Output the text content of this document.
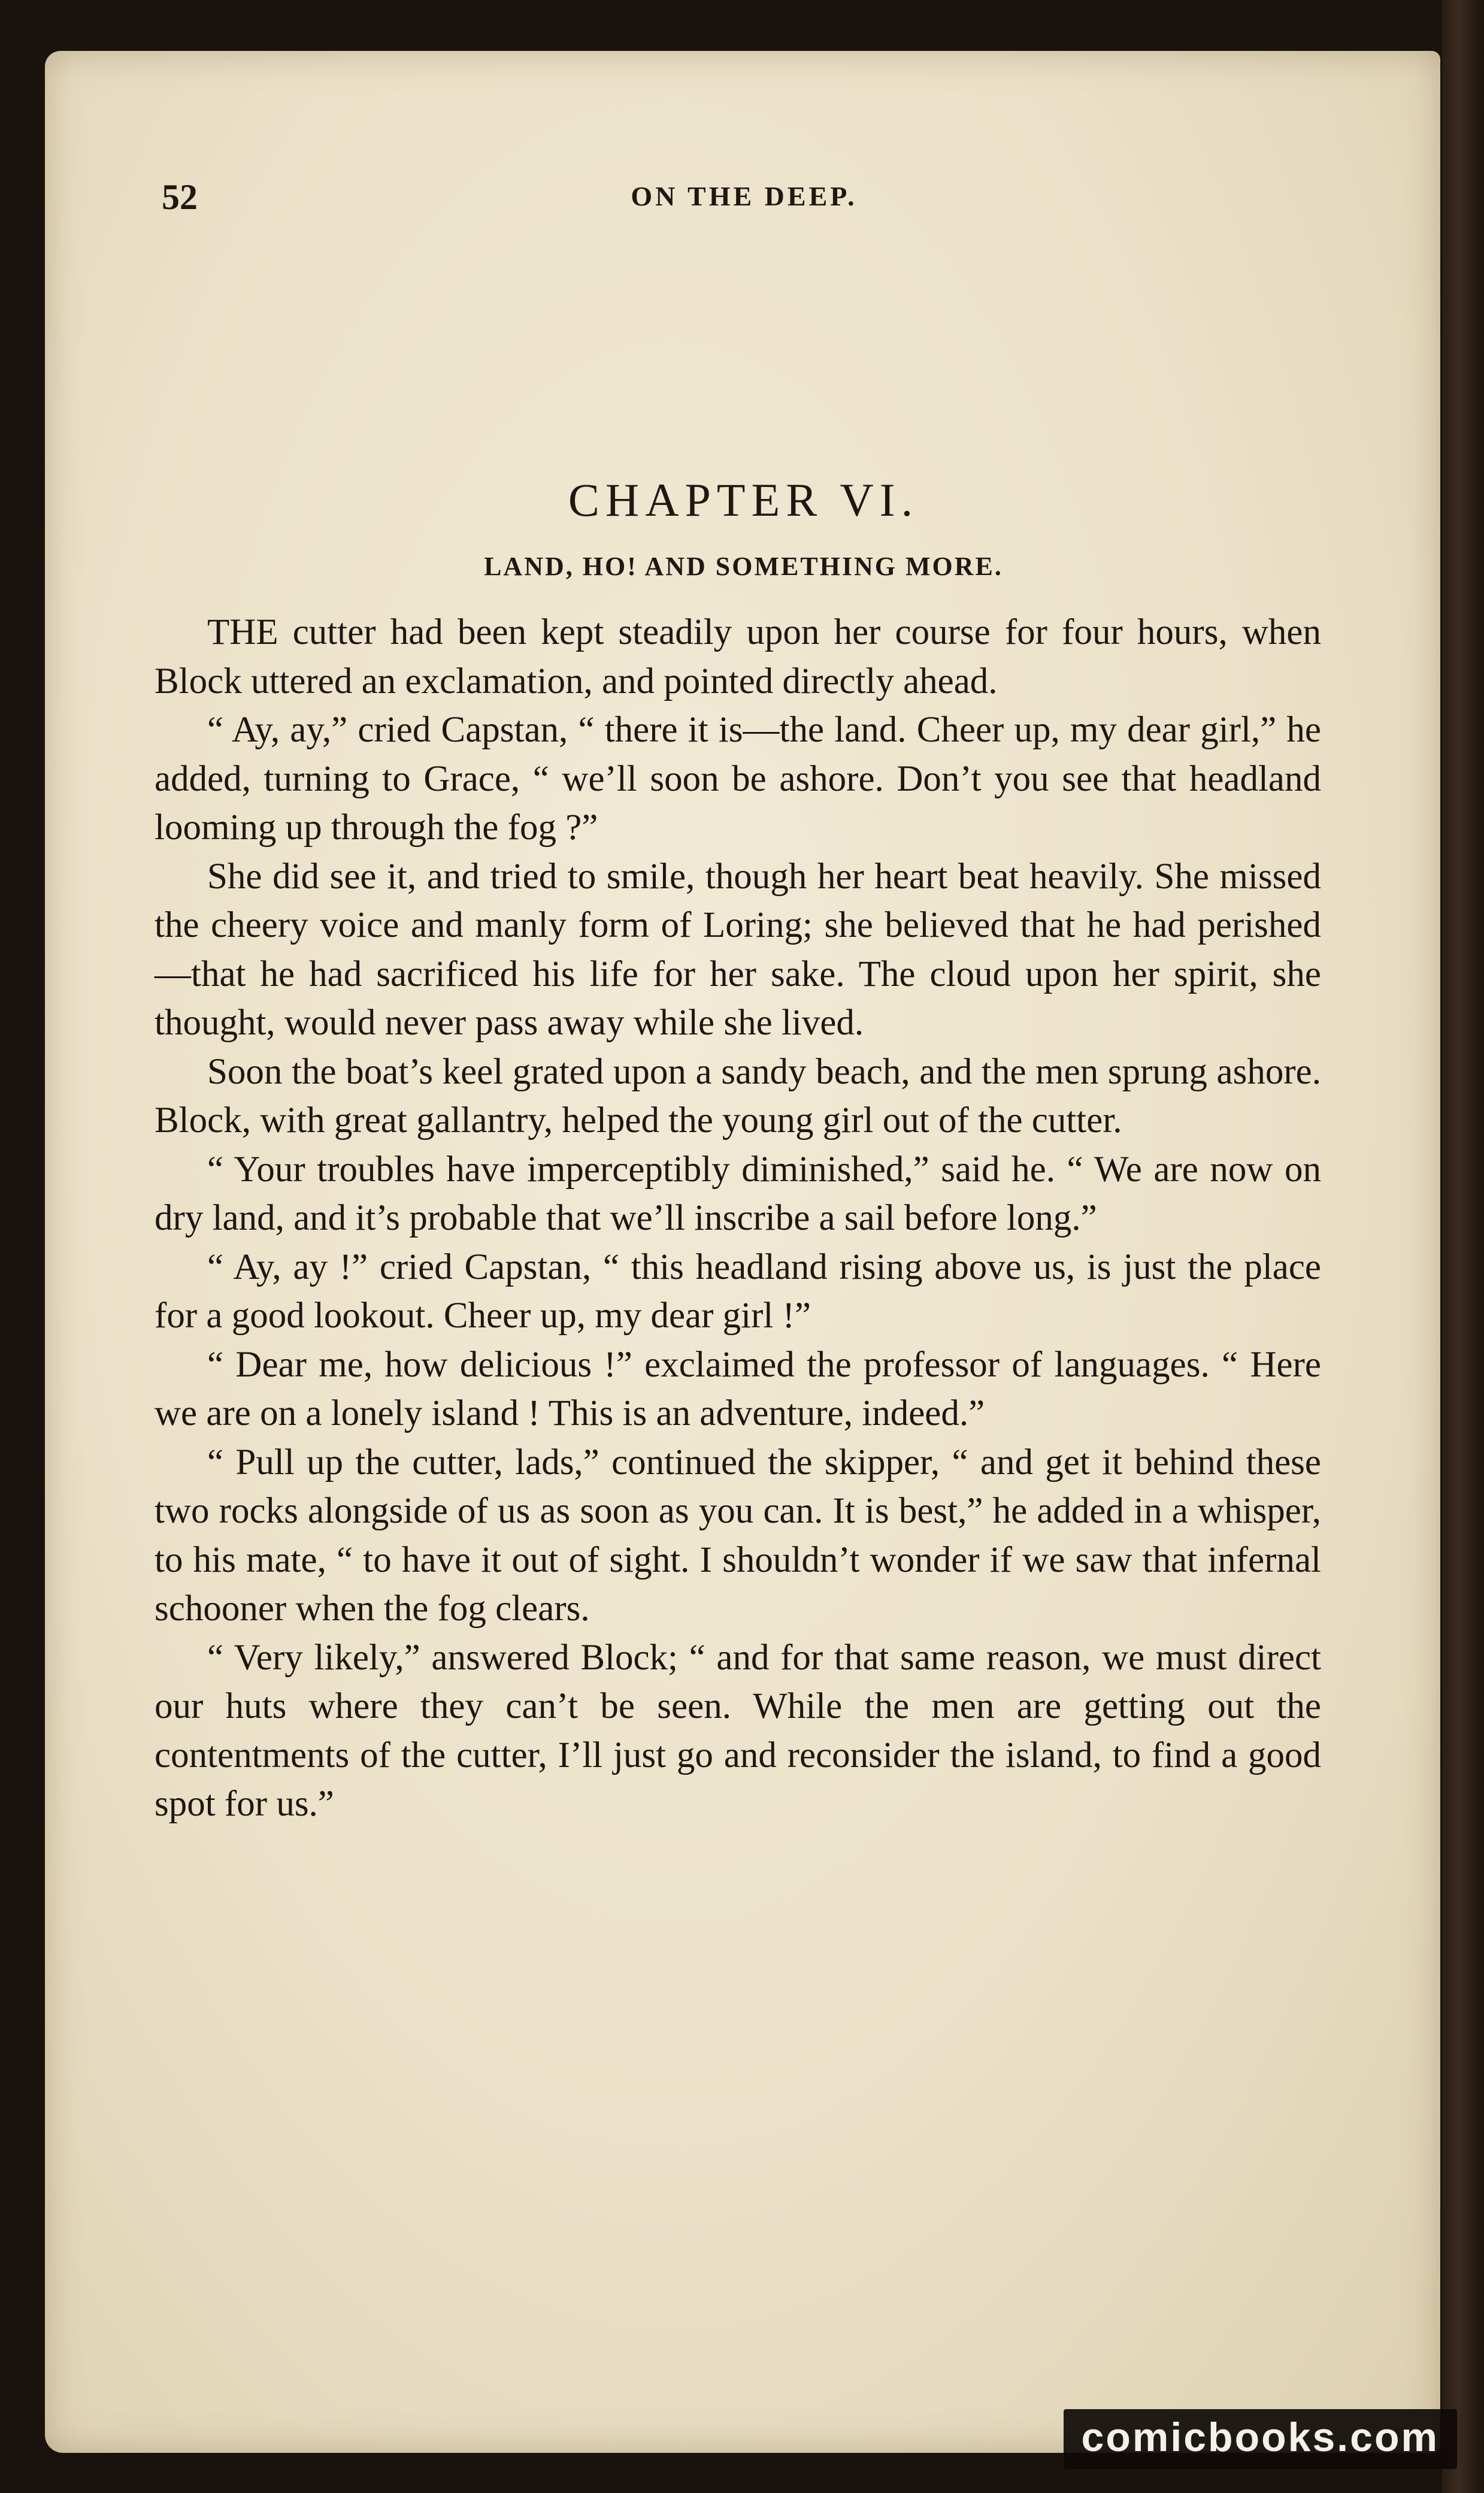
52	ON THE DEEP.
CHAPTER VI.
LAND, HO! AND SOMETHING MORE.

THE cutter had been kept steadily upon her course for four hours, when Block uttered an exclamation, and pointed directly ahead.

“ Ay, ay,” cried Capstan, “ there it is—the land. Cheer up, my dear girl,” he added, turning to Grace, “ we’ll soon be ashore. Don’t you see that headland looming up through the fog ?”

She did see it, and tried to smile, though her heart beat heavily. She missed the cheery voice and manly form of Loring; she believed that he had perished—that he had sacrificed his life for her sake. The cloud upon her spirit, she thought, would never pass away while she lived.

Soon the boat’s keel grated upon a sandy beach, and the men sprung ashore. Block, with great gallantry, helped the young girl out of the cutter.

“ Your troubles have imperceptibly diminished,” said he. “ We are now on dry land, and it’s probable that we’ll inscribe a sail before long.”

“ Ay, ay !” cried Capstan, “ this headland rising above us, is just the place for a good lookout. Cheer up, my dear girl !”

“ Dear me, how delicious !” exclaimed the professor of languages. “ Here we are on a lonely island ! This is an adventure, indeed.”

“ Pull up the cutter, lads,” continued the skipper, “ and get it behind these two rocks alongside of us as soon as you can. It is best,” he added in a whisper, to his mate, “ to have it out of sight. I shouldn’t wonder if we saw that infernal schooner when the fog clears.

“ Very likely,” answered Block; “ and for that same reason, we must direct our huts where they can’t be seen. While the men are getting out the contentments of the cutter, I’ll just go and reconsider the island, to find a good spot for us.”

comicbooks.com
